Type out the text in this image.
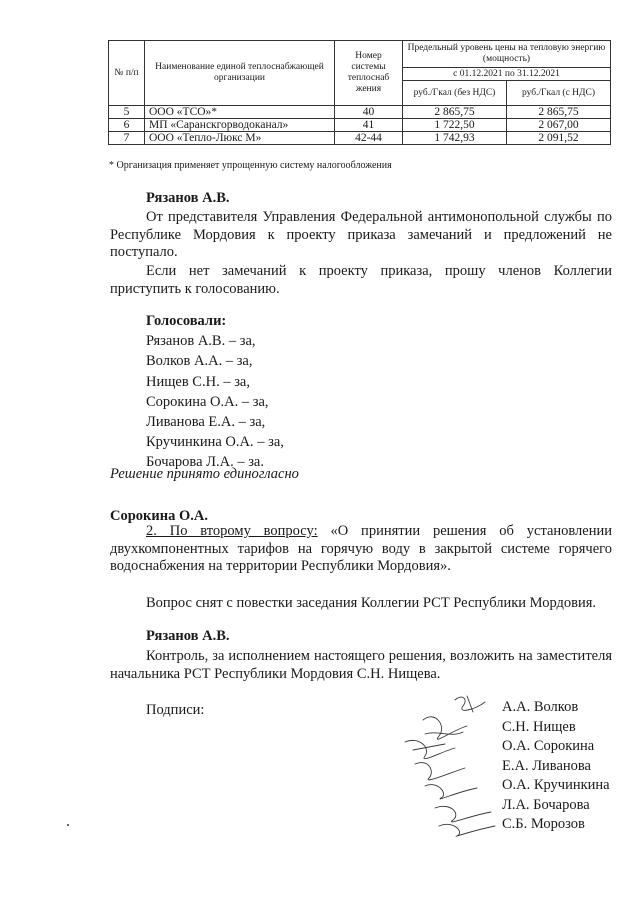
№ п/п	Наименование единой теплоснабжающей организации	Номер системы теплоснаб жения	Предельный уровень цены на тепловую энергию (мощность)	
			с 01.12.2021 по 31.12.2021	
			руб./Гкал (без НДС)	руб./Гкал (с НДС)
5	ООО «ТСО»*	40	2 865,75	2 865,75
6	МП «Саранскгорводоканал»	41	1 722,50	2 067,00
7	ООО «Тепло-Люкс М»	42-44	1 742,93	2 091,52
* Организация применяет упрощенную систему налогообложения
Рязанов А.В.
От представителя Управления Федеральной антимонопольной службы по Республике Мордовия к проекту приказа замечаний и предложений не поступало.
Если нет замечаний к проекту приказа, прошу членов Коллегии приступить к голосованию.
Голосовали:
Рязанов А.В. – за,
Волков А.А. – за,
Нищев С.Н. – за,
Сорокина О.А. – за,
Ливанова Е.А. – за,
Кручинкина О.А. – за,
Бочарова Л.А. – за.
Решение принято единогласно
Сорокина О.А.
2. По второму вопросу: «О принятии решения об установлении двухкомпонентных тарифов на горячую воду в закрытой системе горячего водоснабжения на территории Республики Мордовия».
Вопрос снят с повестки заседания Коллегии РСТ Республики Мордовия.
Рязанов А.В.
Контроль, за исполнением настоящего решения, возложить на заместителя начальника РСТ Республики Мордовия С.Н. Нищева.
Подписи:	А.А. Волков
С.Н. Нищев
О.А. Сорокина
Е.А. Ливанова
О.А. Кручинкина
Л.А. Бочарова
С.Б. Морозов
